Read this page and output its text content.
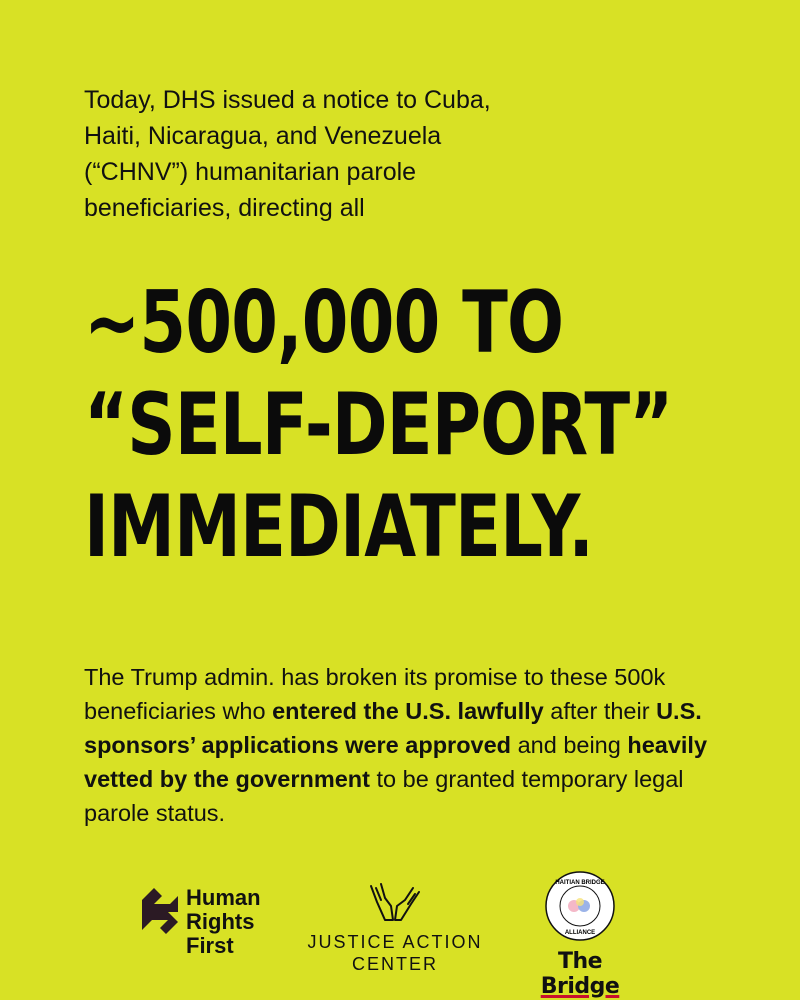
Today, DHS issued a notice to Cuba,
Haiti, Nicaragua, and Venezuela
(“CHNV”) humanitarian parole
beneficiaries, directing all
~500,000 TO
“SELF-DEPORT”
IMMEDIATELY.
The Trump admin. has broken its promise to these 500k beneficiaries who entered the U.S. lawfully after their U.S. sponsors’ applications were approved and being heavily vetted by the government to be granted temporary legal parole status.
Human
Rights
First	JUSTICE ACTION
CENTER
HAITIAN BRIDGE
ALLIANCE
The Bridge
